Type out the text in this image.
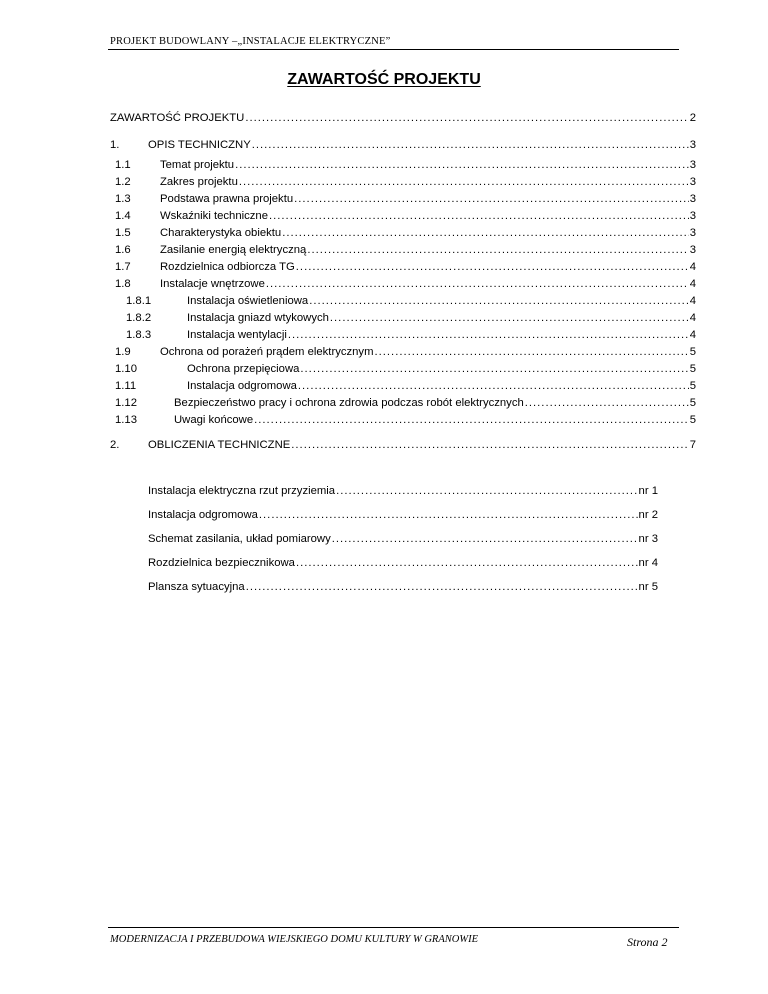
PROJEKT BUDOWLANY –„INSTALACJE ELEKTRYCZNE”
ZAWARTOŚĆ PROJEKTU
ZAWARTOŚĆ PROJEKTU .....	2
1.	OPIS TECHNICZNY .....	3
1.1	Temat projektu .....	3
1.2	Zakres projektu .....	3
1.3	Podstawa prawna projektu .....	3
1.4	Wskaźniki techniczne .....	3
1.5	Charakterystyka obiektu .....	3
1.6	Zasilanie energią elektryczną .....	3
1.7	Rozdzielnica odbiorcza TG .....	4
1.8	Instalacje wnętrzowe .....	4
1.8.1	Instalacja oświetleniowa .....	4
1.8.2	Instalacja gniazd wtykowych .....	4
1.8.3	Instalacja wentylacji .....	4
1.9	Ochrona od porażeń prądem elektrycznym .....	5
1.10	Ochrona przepięciowa .....	5
1.11	Instalacja odgromowa .....	5
1.12	Bezpieczeństwo pracy i ochrona zdrowia podczas robót elektrycznych .....	5
1.13	Uwagi końcowe .....	5
2.	OBLICZENIA TECHNICZNE .....	7
Instalacja elektryczna rzut przyziemia .....	nr 1
Instalacja odgromowa .....	nr 2
Schemat zasilania, układ pomiarowy .....	nr 3
Rozdzielnica bezpiecznikowa .....	nr 4
Plansza sytuacyjna .....	nr 5
MODERNIZACJA I PRZEBUDOWA WIEJSKIEGO DOMU KULTURY W GRANOWIE	Strona 2
